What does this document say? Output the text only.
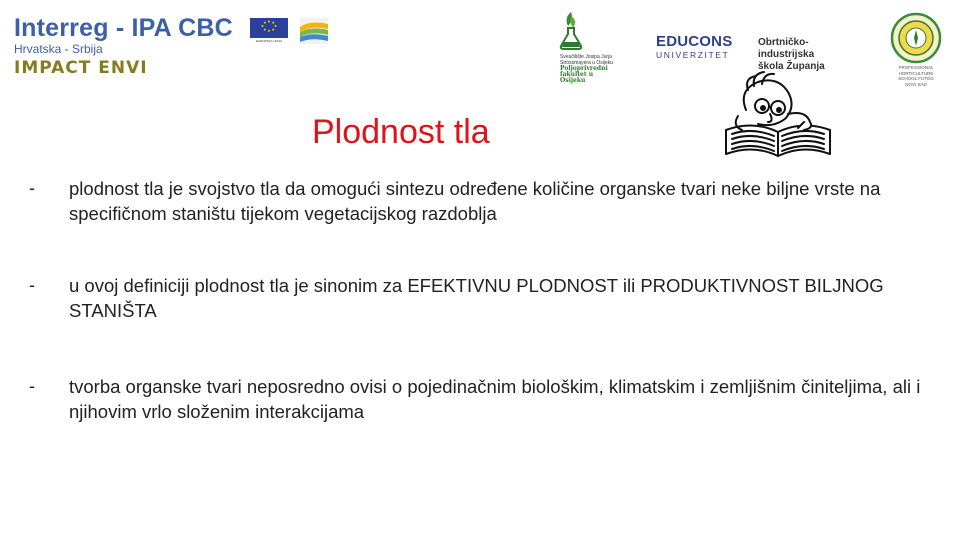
Interreg - IPA CBC
Hrvatska - Srbija
IMPACT ENVI
EUROPSKA UNIJA
Sveučilište Josipa Jurja
Strossmayera u Osijeku
Poljoprivredni
fakultet u
Osijeku
EDUCONS
UNIVERZITET
Obrtničko-industrijska
škola Županja	PROFESSIONAL HORTICULTURE
SCHOOL FUTOG
NOVI SAD
Plodnost tla
- plodnost tla je svojstvo tla da omogući sintezu određene količine organske tvari neke biljne vrste na specifičnom staništu tijekom vegetacijskog razdoblja
- u ovoj definiciji plodnost tla je sinonim za EFEKTIVNU PLODNOST ili PRODUKTIVNOST BILJNOG STANIŠTA
- tvorba organske tvari neposredno ovisi o pojedinačnim biološkim, klimatskim i zemljišnim činiteljima, ali i njihovim vrlo složenim interakcijama
